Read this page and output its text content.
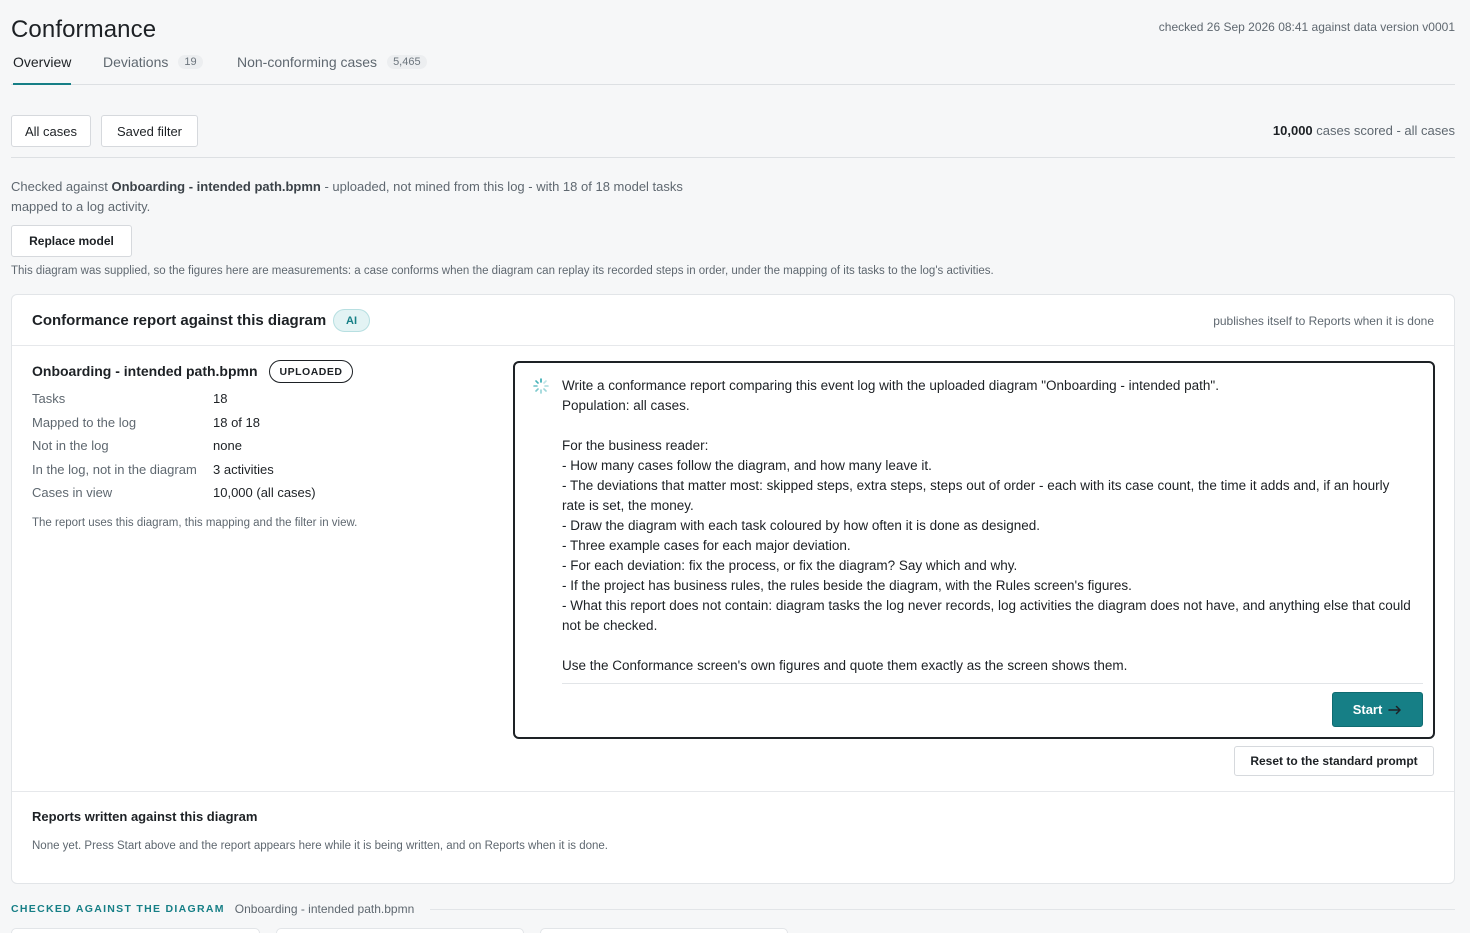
Conformance	checked 26 Sep 2026 08:41 against data version v0001
Overview Deviations	19	Non-conforming cases	5,465
All cases	Saved filter	10,000 cases scored - all cases
Checked against Onboarding - intended path.bpmn - uploaded, not mined from this log - with 18 of 18 model tasks mapped to a log activity.
Replace model
This diagram was supplied, so the figures here are measurements: a case conforms when the diagram can replay its recorded steps in order, under the mapping of its tasks to the log's activities.
Conformance report against this diagram	AI	publishes itself to Reports when it is done
Onboarding - intended path.bpmn	UPLOADED
Tasks	18
Mapped to the log	18 of 18
Not in the log	none
In the log, not in the diagram	3 activities
Cases in view	10,000 (all cases)
The report uses this diagram, this mapping and the filter in view.
Write a conformance report comparing this event log with the uploaded diagram "Onboarding - intended path".
Population: all cases.

For the business reader:
- How many cases follow the diagram, and how many leave it.
- The deviations that matter most: skipped steps, extra steps, steps out of order - each with its case count, the time it adds and, if an hourly rate is set, the money.
- Draw the diagram with each task coloured by how often it is done as designed.
- Three example cases for each major deviation.
- For each deviation: fix the process, or fix the diagram? Say which and why.
- If the project has business rules, the rules beside the diagram, with the Rules screen's figures.
- What this report does not contain: diagram tasks the log never records, log activities the diagram does not have, and anything else that could not be checked.

Use the Conformance screen's own figures and quote them exactly as the screen shows them.
Start
Reset to the standard prompt
Reports written against this diagram
None yet. Press Start above and the report appears here while it is being written, and on Reports when it is done.
CHECKED AGAINST THE DIAGRAM Onboarding - intended path.bpmn
